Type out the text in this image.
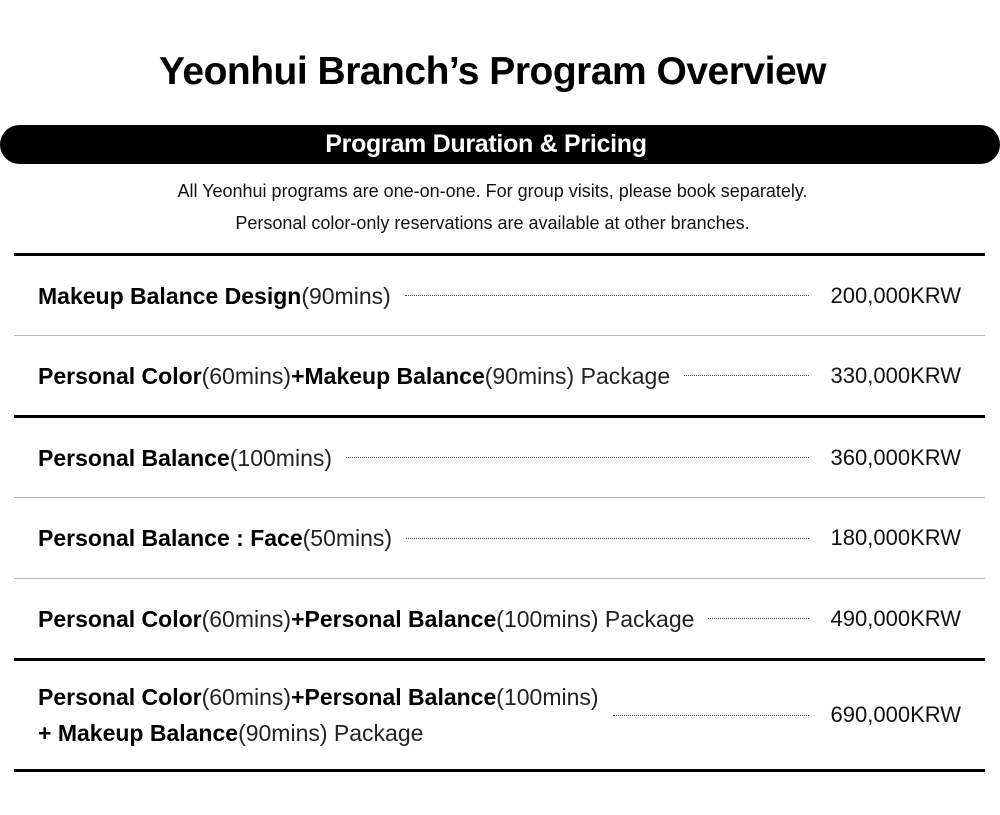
Yeonhui Branch’s Program Overview
Program Duration & Pricing
All Yeonhui programs are one-on-one. For group visits, please book separately.
Personal color-only reservations are available at other branches.
Makeup Balance Design(90mins)	200,000KRW
Personal Color(60mins)+Makeup Balance(90mins) Package	330,000KRW
Personal Balance(100mins)	360,000KRW
Personal Balance : Face(50mins)	180,000KRW
Personal Color(60mins)+Personal Balance(100mins) Package	490,000KRW
Personal Color(60mins)+Personal Balance(100mins)
+ Makeup Balance(90mins) Package
690,000KRW
